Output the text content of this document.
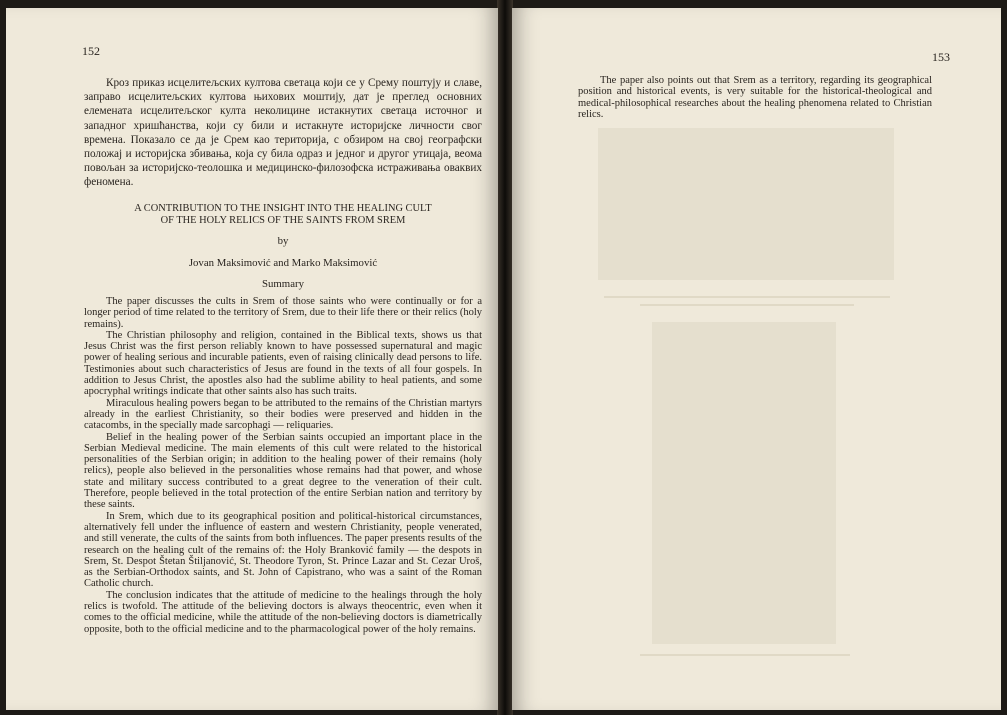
152

Кроз приказ исцелитељских култова светаца који се у Срему поштују и славе, заправо исцелитељских култова њихових моштију, дат је преглед основних елемената исцелитељског култа неколицине истакнутих светаца источног и западног хришћанства, који су били и истакнуте историјске личности свог времена. Показало се да је Срем као територија, с обзиром на свој географски положај и историјска збивања, која су била одраз и једног и другог утицаја, веома повољан за историјско-теолошка и медицинско-филозофска истраживања оваквих феномена.

A CONTRIBUTION TO THE INSIGHT INTO THE HEALING CULT
OF THE HOLY RELICS OF THE SAINTS FROM SREM

by

Jovan Maksimović and Marko Maksimović

Summary

The paper discusses the cults in Srem of those saints who were continually or for a longer period of time related to the territory of Srem, due to their life there or their relics (holy remains).

The Christian philosophy and religion, contained in the Biblical texts, shows us that Jesus Christ was the first person reliably known to have possessed supernatural and magic power of healing serious and incurable patients, even of raising clinically dead persons to life. Testimonies about such characteristics of Jesus are found in the texts of all four gospels. In addition to Jesus Christ, the apostles also had the sublime ability to heal patients, and some apocryphal writings indicate that other saints also has such traits.

Miraculous healing powers began to be attributed to the remains of the Christian martyrs already in the earliest Christianity, so their bodies were preserved and hidden in the catacombs, in the specially made sarcophagi — reliquaries.

Belief in the healing power of the Serbian saints occupied an important place in the Serbian Medieval medicine. The main elements of this cult were related to the historical personalities of the Serbian origin; in addition to the healing power of their remains (holy relics), people also believed in the personalities whose remains had that power, and whose state and military success contributed to a great degree to the veneration of their cult. Therefore, people believed in the total protection of the entire Serbian nation and territory by these saints.

In Srem, which due to its geographical position and political-historical circumstances, alternatively fell under the influence of eastern and western Christianity, people venerated, and still venerate, the cults of the saints from both influences. The paper presents results of the research on the healing cult of the remains of: the Holy Branković family — the despots in Srem, St. Despot Štetan Štiljanović, St. Theodore Tyron, St. Prince Lazar and St. Cezar Uroš, as the Serbian-Orthodox saints, and St. John of Capistrano, who was a saint of the Roman Catholic church.

The conclusion indicates that the attitude of medicine to the healings through the holy relics is twofold. The attitude of the believing doctors is always theocentric, even when it comes to the official medicine, while the attitude of the non-believing doctors is diametrically opposite, both to the official medicine and to the pharmacological power of the holy remains.

153

The paper also points out that Srem as a territory, regarding its geographical position and historical events, is very suitable for the historical-theological and medical-philosophical researches about the healing phenomena related to Christian relics.
